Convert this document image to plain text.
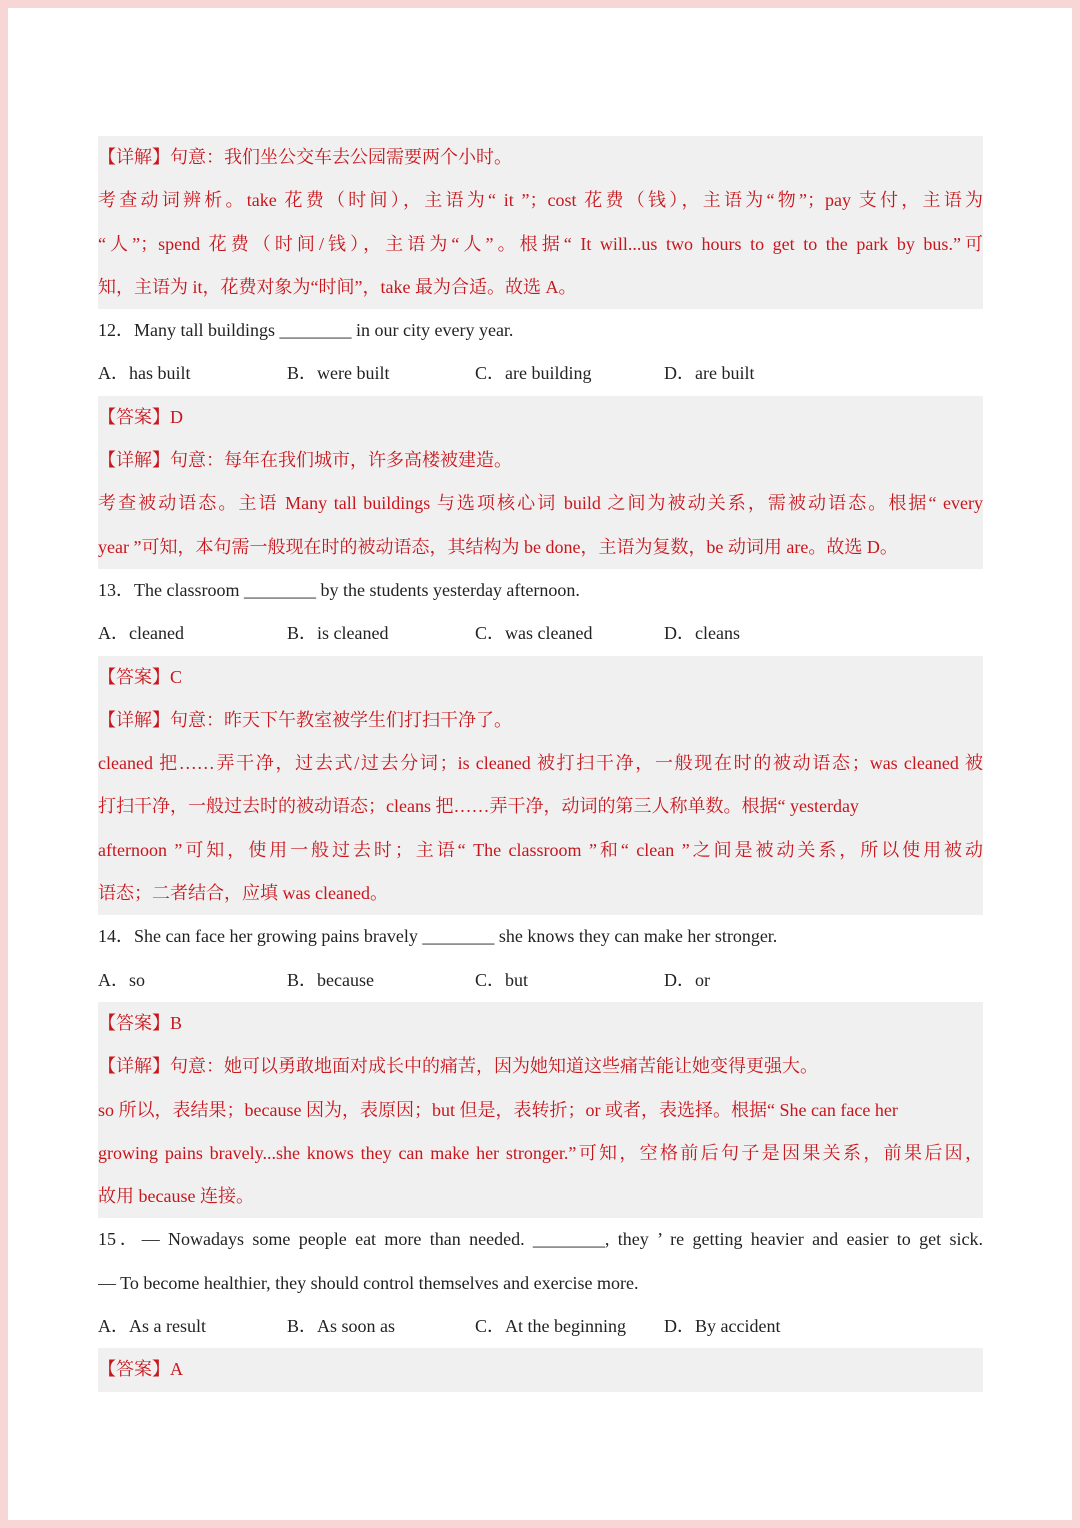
【详解】句意：我们坐公交车去公园需要两个小时。
考查动词辨析。take 花费（时间），主语为“ it ”；cost 花费（钱），主语为“物”；pay 支付，主语为
“人”；spend 花费（时间/钱），主语为“人”。根据“ It will...us two hours to get to the park by bus.”可
知，主语为 it，花费对象为“时间”，take 最为合适。故选 A。
12．Many tall buildings ________ in our city every year.
A．has built	B．were built	C．are building	D．are built
【答案】D
【详解】句意：每年在我们城市，许多高楼被建造。
考查被动语态。主语 Many tall buildings 与选项核心词 build 之间为被动关系，需被动语态。根据“ every
year ”可知，本句需一般现在时的被动语态，其结构为 be done，主语为复数，be 动词用 are。故选 D。
13．The classroom ________ by the students yesterday afternoon.
A．cleaned	B．is cleaned	C．was cleaned	D．cleans
【答案】C
【详解】句意：昨天下午教室被学生们打扫干净了。
cleaned 把……弄干净，过去式/过去分词；is cleaned 被打扫干净，一般现在时的被动语态；was cleaned 被
打扫干净，一般过去时的被动语态；cleans 把……弄干净，动词的第三人称单数。根据“ yesterday
afternoon ”可知，使用一般过去时；主语“ The classroom ”和“ clean ”之间是被动关系，所以使用被动
语态；二者结合，应填 was cleaned。
14．She can face her growing pains bravely ________ she knows they can make her stronger.
A．so	B．because	C．but	D．or
【答案】B
【详解】句意：她可以勇敢地面对成长中的痛苦，因为她知道这些痛苦能让她变得更强大。
so 所以，表结果；because 因为，表原因；but 但是，表转折；or 或者，表选择。根据“ She can face her
growing pains bravely...she knows they can make her stronger.”可知，空格前后句子是因果关系，前果后因，
故用 because 连接。
15．— Nowadays some people eat more than needed. ________, they ’ re getting heavier and easier to get sick.
— To become healthier, they should control themselves and exercise more.
A．As a result	B．As soon as	C．At the beginning D．By accident
【答案】A
